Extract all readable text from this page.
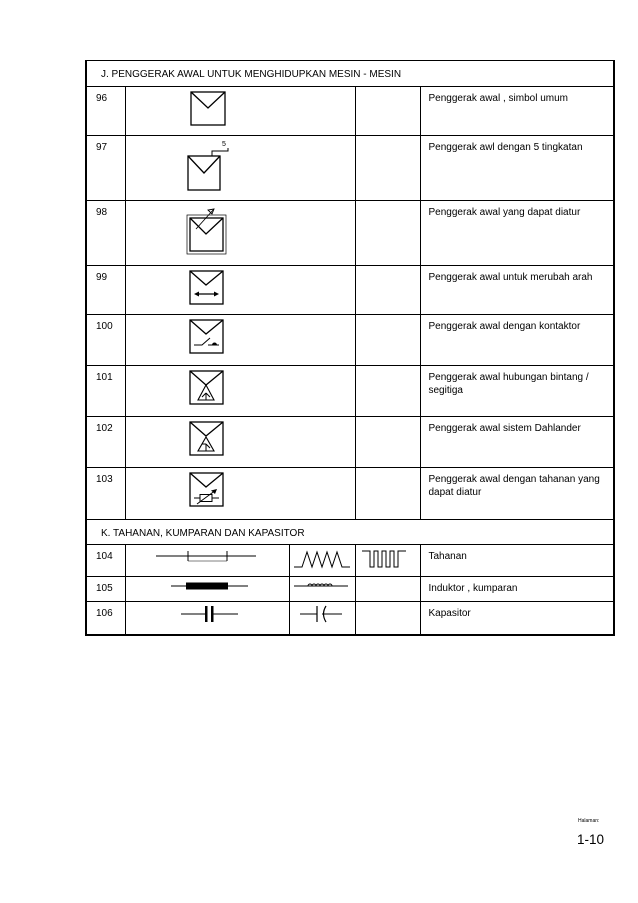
J. PENGGERAK AWAL UNTUK MENGHIDUPKAN MESIN - MESIN				
96				Penggerak awal , simbol umum
97	5			Penggerak awl dengan 5 tingkatan
98				Penggerak awal yang dapat diatur
99				Penggerak awal untuk merubah arah
100				Penggerak awal dengan kontaktor
101				Penggerak awal hubungan bintang / segitiga
102				Penggerak awal sistem Dahlander
103				Penggerak awal dengan tahanan yang dapat diatur
K. TAHANAN, KUMPARAN DAN KAPASITOR				
104				Tahanan
105				Induktor , kumparan
106				Kapasitor
Halaman:
1-10
